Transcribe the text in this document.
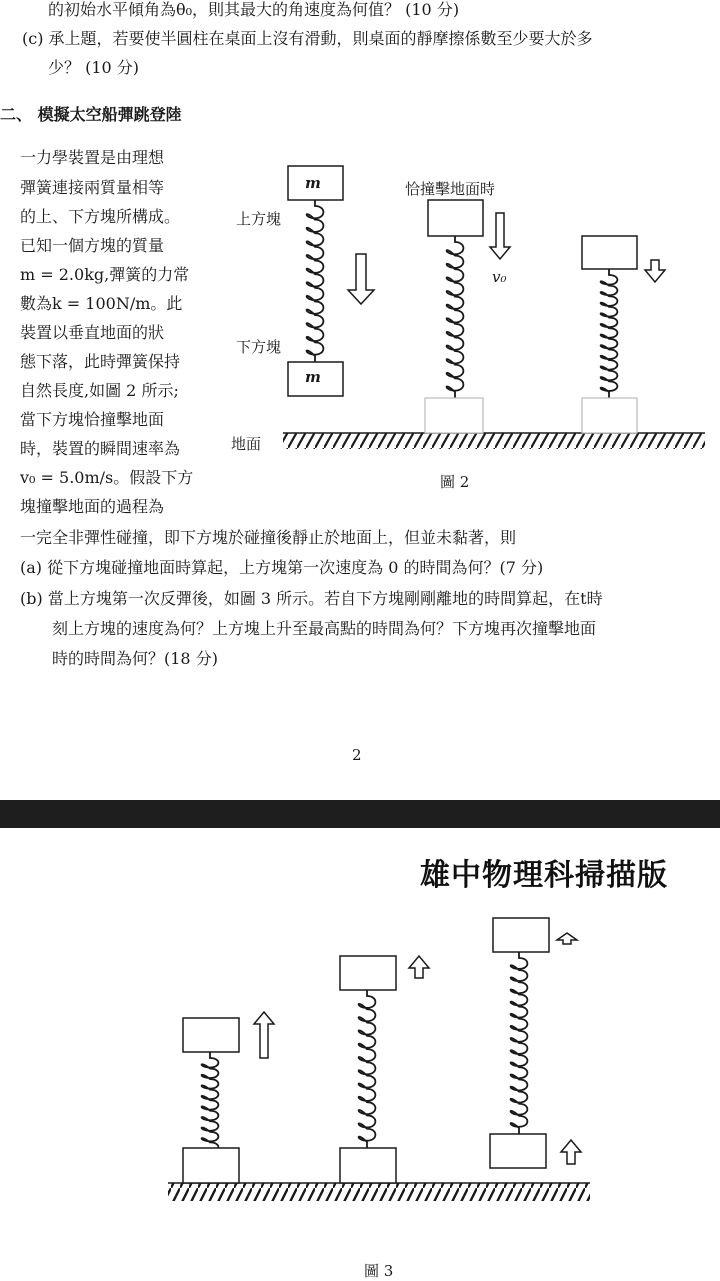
的初始水平傾角為θ₀，則其最大的角速度為何值？ (10 分)
(c) 承上題，若要使半圓柱在桌面上沒有滑動，則桌面的靜摩擦係數至少要大於多
少？ (10 分)
二、 模擬太空船彈跳登陸
一力學裝置是由理想
彈簧連接兩質量相等
的上、下方塊所構成。
已知一個方塊的質量
m = 2.0kg,彈簧的力常
數為k = 100N/m。此
裝置以垂直地面的狀
態下落，此時彈簧保持
自然長度,如圖 2 所示;
當下方塊恰撞擊地面
時，裝置的瞬間速率為
v₀ = 5.0m/s。假設下方
塊撞擊地面的過程為
一完全非彈性碰撞，即下方塊於碰撞後靜止於地面上，但並未黏著，則
(a) 從下方塊碰撞地面時算起，上方塊第一次速度為 0 的時間為何？(7 分)
(b) 當上方塊第一次反彈後，如圖 3 所示。若自下方塊剛剛離地的時間算起，在t時
刻上方塊的速度為何？上方塊上升至最高點的時間為何？下方塊再次撞擊地面
時的時間為何？(18 分)
m
m
上方塊
下方塊
地面
恰撞擊地面時
v₀
圖 2
2
雄中物理科掃描版
圖 3
